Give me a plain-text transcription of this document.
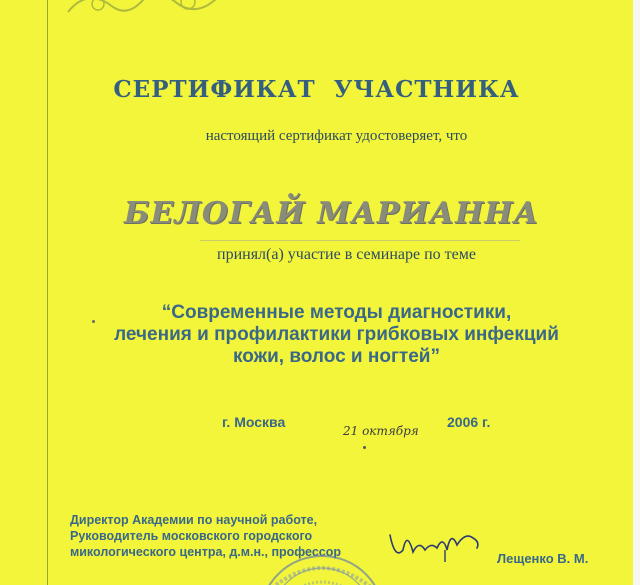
СЕРТИФИКАТ  УЧАСТНИКА
настоящий сертификат удостоверяет, что
БЕЛОГАЙ МАРИАННА
принял(а) участие в семинаре по теме
“Современные методы диагностики,
лечения и профилактики грибковых инфекций
кожи, волос и ногтей”
г. Москва
21 октября
2006 г.
Директор Академии по научной работе,
Руководитель московского городского
микологического центра, д.м.н., профессор	Лещенко В. М.
